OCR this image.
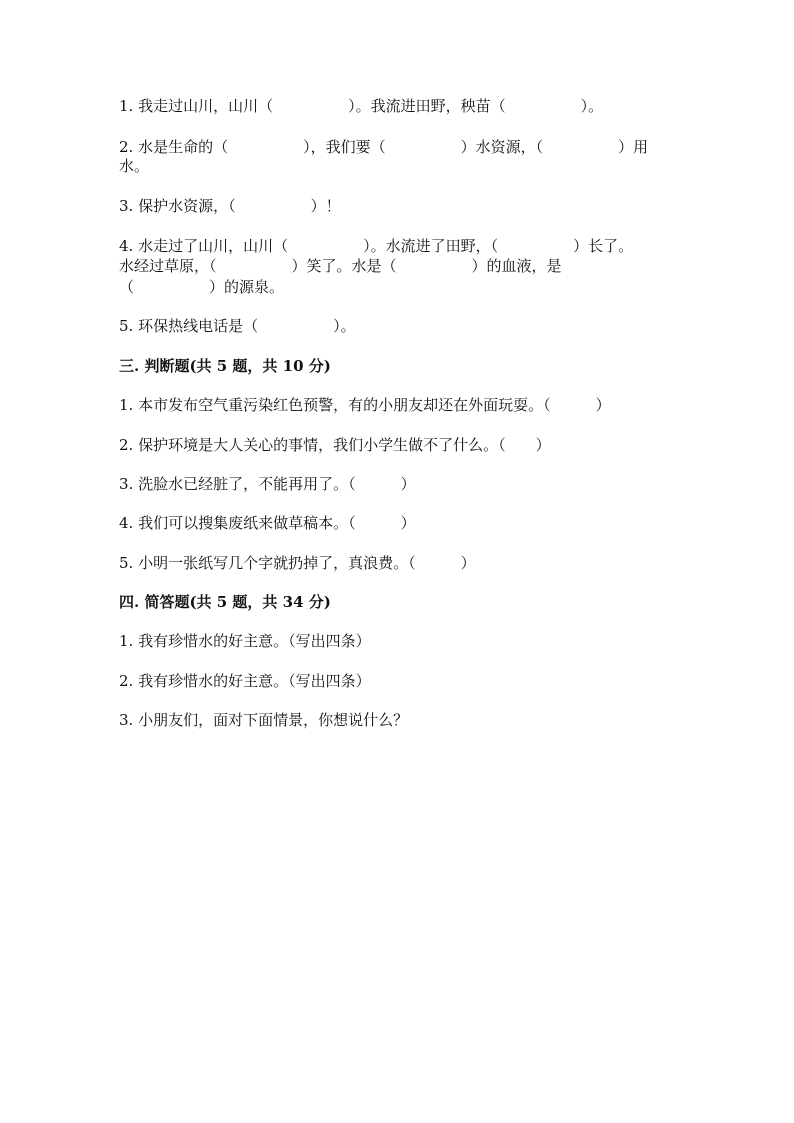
1. 我走过山川，山川（　　　　　）。我流进田野，秧苗（　　　　　）。
2. 水是生命的（　　　　　），我们要（　　　　　）水资源，（　　　　　）用
水。
3. 保护水资源，（　　　　　）！
4. 水走过了山川，山川（　　　　　）。水流进了田野，（　　　　　）长了。
水经过草原，（　　　　　）笑了。水是（　　　　　）的血液，是
（　　　　　）的源泉。
5. 环保热线电话是（　　　　　）。
三. 判断题(共 5 题，共 10 分)
1. 本市发布空气重污染红色预警，有的小朋友却还在外面玩耍。（　　　）
2. 保护环境是大人关心的事情，我们小学生做不了什么。（　　）
3. 洗脸水已经脏了，不能再用了。（　　　）
4. 我们可以搜集废纸来做草稿本。（　　　）
5. 小明一张纸写几个字就扔掉了，真浪费。（　　　）
四. 简答题(共 5 题，共 34 分)
1. 我有珍惜水的好主意。（写出四条）
2. 我有珍惜水的好主意。（写出四条）
3. 小朋友们，面对下面情景，你想说什么？
